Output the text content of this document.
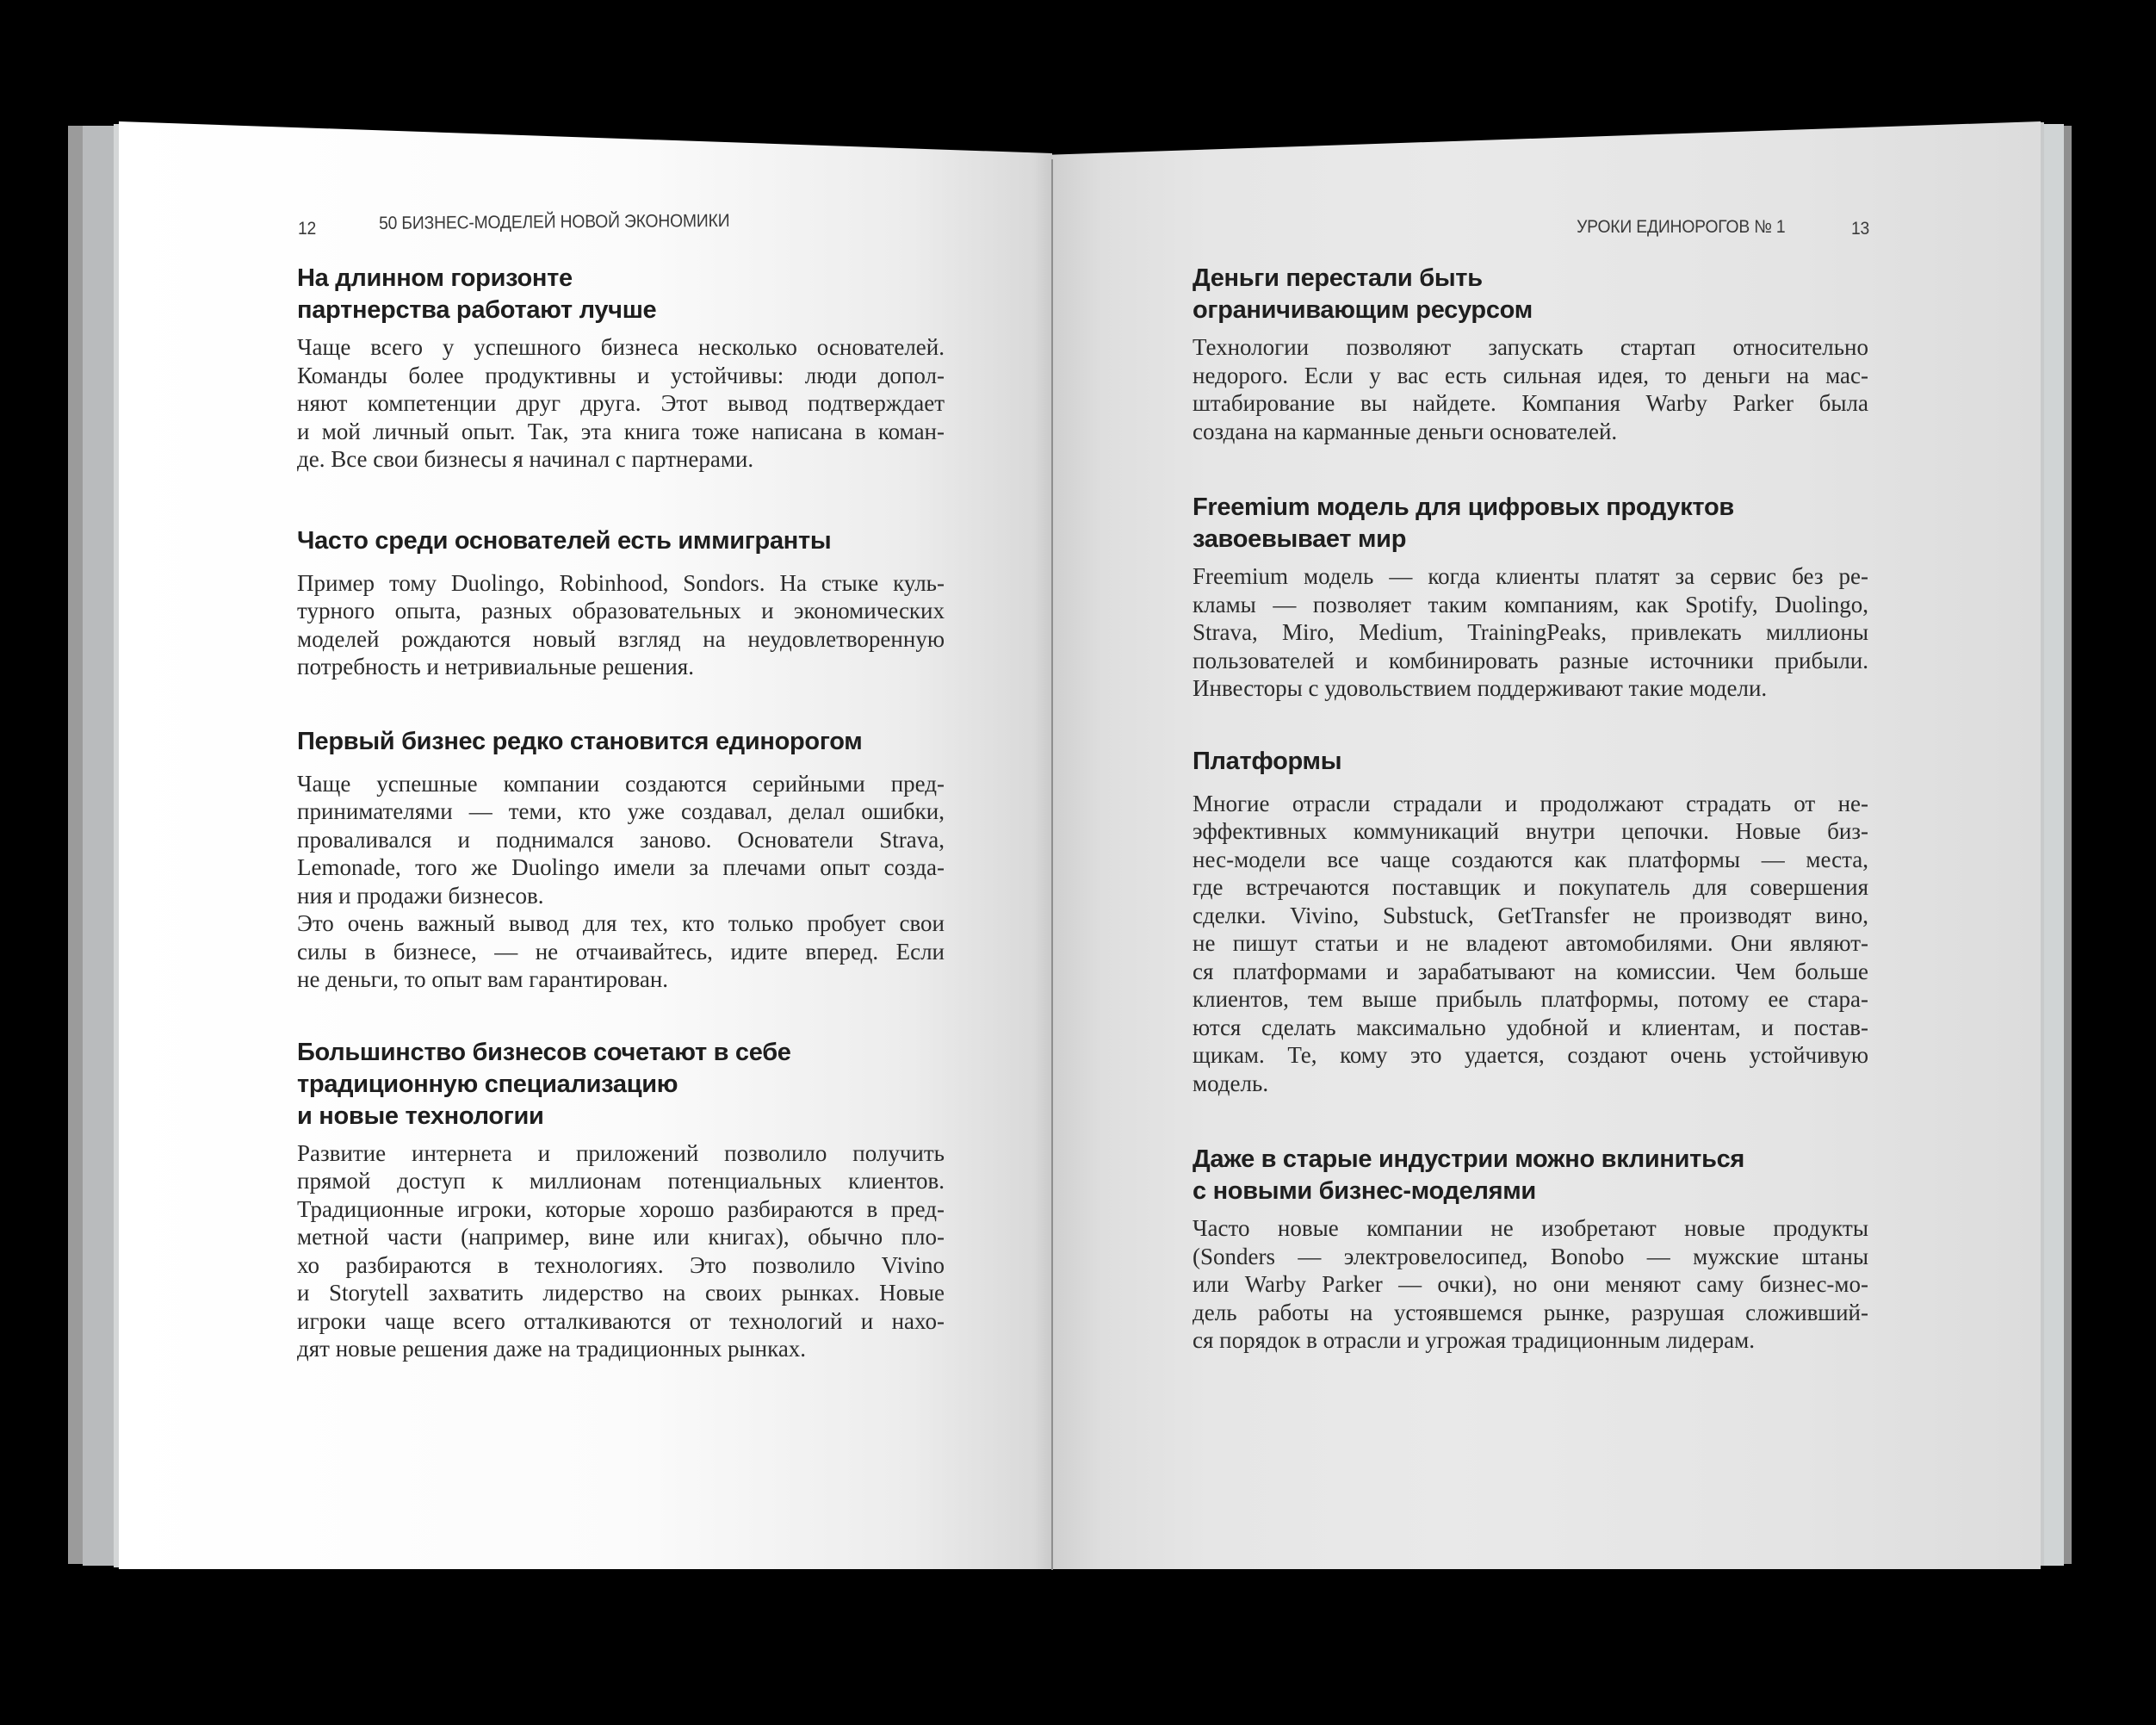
12	50 БИЗНЕС-МОДЕЛЕЙ НОВОЙ ЭКОНОМИКИ	УРОКИ ЕДИНОРОГОВ № 1	13
На длинном горизонте
партнерства работают лучше

Чаще всего у успешного бизнеса несколько основателей.
Команды более продуктивны и устойчивы: люди допол-
няют компетенции друг друга. Этот вывод подтверждает
и мой личный опыт. Так, эта книга тоже написана в коман-
де. Все свои бизнесы я начинал с партнерами.

Часто среди основателей есть иммигранты

Пример тому Duolingo, Robinhood, Sondors. На стыке куль-
турного опыта, разных образовательных и экономических
моделей рождаются новый взгляд на неудовлетворенную
потребность и нетривиальные решения.

Первый бизнес редко становится единорогом

Чаще успешные компании создаются серийными пред-
принимателями — теми, кто уже создавал, делал ошибки,
проваливался и поднимался заново. Основатели Strava,
Lemonade, того же Duolingo имели за плечами опыт созда-
ния и продажи бизнесов.
Это очень важный вывод для тех, кто только пробует свои
силы в бизнесе, — не отчаивайтесь, идите вперед. Если
не деньги, то опыт вам гарантирован.

Большинство бизнесов сочетают в себе
традиционную специализацию
и новые технологии

Развитие интернета и приложений позволило получить
прямой доступ к миллионам потенциальных клиентов.
Традиционные игроки, которые хорошо разбираются в пред-
метной части (например, вине или книгах), обычно пло-
хо разбираются в технологиях. Это позволило Vivino
и Storytell захватить лидерство на своих рынках. Новые
игроки чаще всего отталкиваются от технологий и нахо-
дят новые решения даже на традиционных рынках.

Деньги перестали быть
ограничивающим ресурсом

Технологии позволяют запускать стартап относительно
недорого. Если у вас есть сильная идея, то деньги на мас-
штабирование вы найдете. Компания Warby Parker была
создана на карманные деньги основателей.

Freemium модель для цифровых продуктов
завоевывает мир

Freemium модель — когда клиенты платят за сервис без ре-
кламы — позволяет таким компаниям, как Spotify, Duolingo,
Strava, Miro, Medium, TrainingPeaks, привлекать миллионы
пользователей и комбинировать разные источники прибыли.
Инвесторы с удовольствием поддерживают такие модели.

Платформы

Многие отрасли страдали и продолжают страдать от не-
эффективных коммуникаций внутри цепочки. Новые биз-
нес-модели все чаще создаются как платформы — места,
где встречаются поставщик и покупатель для совершения
сделки. Vivino, Substuck, GetTransfer не производят вино,
не пишут статьи и не владеют автомобилями. Они являют-
ся платформами и зарабатывают на комиссии. Чем больше
клиентов, тем выше прибыль платформы, потому ее стара-
ются сделать максимально удобной и клиентам, и постав-
щикам. Те, кому это удается, создают очень устойчивую
модель.

Даже в старые индустрии можно вклиниться
с новыми бизнес-моделями

Часто новые компании не изобретают новые продукты
(Sonders — электровелосипед, Bonobo — мужские штаны
или Warby Parker — очки), но они меняют саму бизнес-мо-
дель работы на устоявшемся рынке, разрушая сложивший-
ся порядок в отрасли и угрожая традиционным лидерам.
